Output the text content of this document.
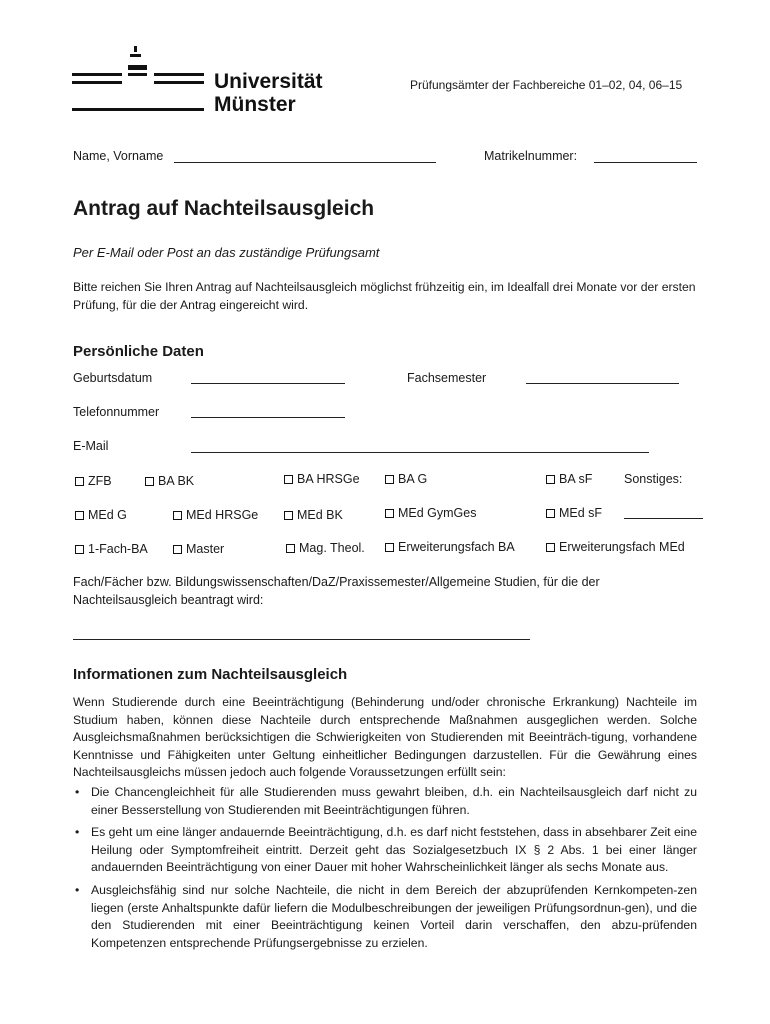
Universität
Münster
Prüfungsämter der Fachbereiche 01–02, 04, 06–15
Name, Vorname	Matrikelnummer:
Antrag auf Nachteilsausgleich
Per E-Mail oder Post an das zuständige Prüfungsamt
Bitte reichen Sie Ihren Antrag auf Nachteilsausgleich möglichst frühzeitig ein, im Idealfall drei Monate vor der ersten Prüfung, für die der Antrag eingereicht wird.
Persönliche Daten
Geburtsdatum	Fachsemester
Telefonnummer
E-Mail
ZFB	BA BK	BA HRSGe	BA G	BA sF	Sonstiges:
MEd G	MEd HRSGe	MEd BK	MEd GymGes	MEd sF
1-Fach-BA	Master	Mag. Theol.	Erweiterungsfach BA	Erweiterungsfach MEd
Fach/Fächer bzw. Bildungswissenschaften/DaZ/Praxissemester/Allgemeine Studien, für die der Nachteilsausgleich beantragt wird:
Informationen zum Nachteilsausgleich
Wenn Studierende durch eine Beeinträchtigung (Behinderung und/oder chronische Erkrankung) Nachteile im Studium haben, können diese Nachteile durch entsprechende Maßnahmen ausgeglichen werden. Solche Ausgleichsmaßnahmen berücksichtigen die Schwierigkeiten von Studierenden mit Beeinträch-tigung, vorhandene Kenntnisse und Fähigkeiten unter Geltung einheitlicher Bedingungen darzustellen. Für die Gewährung eines Nachteilsausgleichs müssen jedoch auch folgende Voraussetzungen erfüllt sein:
• Die Chancengleichheit für alle Studierenden muss gewahrt bleiben, d.h. ein Nachteilsausgleich darf nicht zu einer Besserstellung von Studierenden mit Beeinträchtigungen führen.
• Es geht um eine länger andauernde Beeinträchtigung, d.h. es darf nicht feststehen, dass in absehbarer Zeit eine Heilung oder Symptomfreiheit eintritt. Derzeit geht das Sozialgesetzbuch IX § 2 Abs. 1 bei einer länger andauernden Beeinträchtigung von einer Dauer mit hoher Wahrscheinlichkeit länger als sechs Monate aus.
• Ausgleichsfähig sind nur solche Nachteile, die nicht in dem Bereich der abzuprüfenden Kernkompeten-zen liegen (erste Anhaltspunkte dafür liefern die Modulbeschreibungen der jeweiligen Prüfungsordnun-gen), und die den Studierenden mit einer Beeinträchtigung keinen Vorteil darin verschaffen, den abzu-prüfenden Kompetenzen entsprechende Prüfungsergebnisse zu erzielen.
